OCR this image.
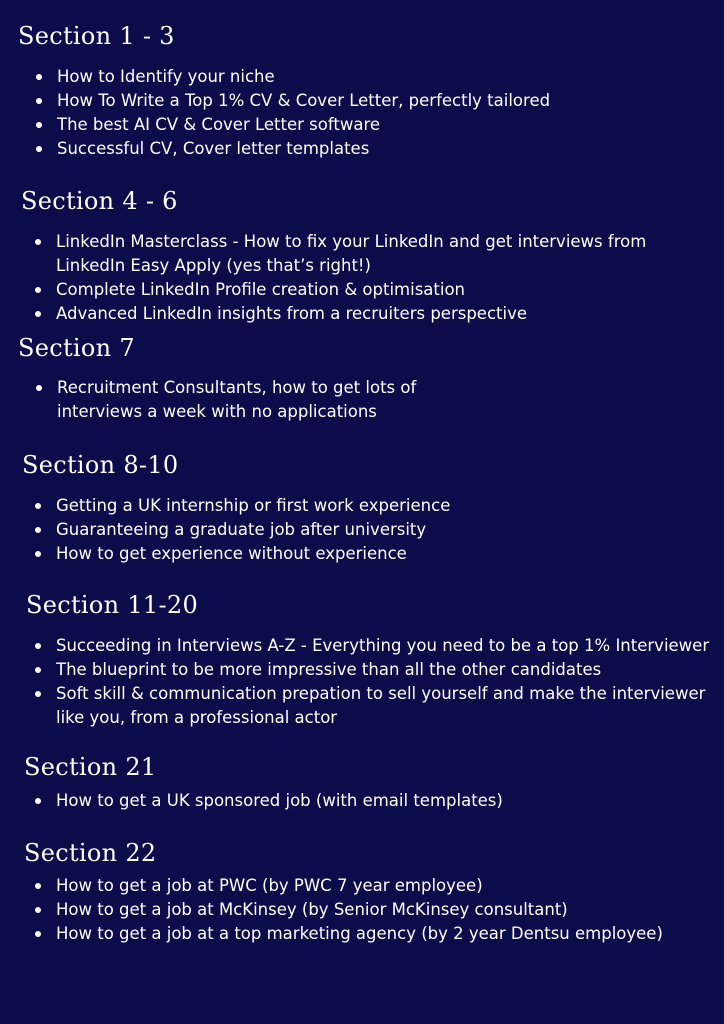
Section 1 - 3
How to Identify your niche
How To Write a Top 1% CV & Cover Letter, perfectly tailored
The best AI CV & Cover Letter software
Successful CV, Cover letter templates
Section 4 - 6
LinkedIn Masterclass - How to fix your LinkedIn and get interviews from
LinkedIn Easy Apply (yes that’s right!)
Complete LinkedIn Profile creation & optimisation
Advanced LinkedIn insights from a recruiters perspective
Section 7
Recruitment Consultants, how to get lots of
interviews a week with no applications
Section 8-10
Getting a UK internship or first work experience
Guaranteeing a graduate job after university
How to get experience without experience
Section 11-20
Succeeding in Interviews A-Z - Everything you need to be a top 1% Interviewer
The blueprint to be more impressive than all the other candidates
Soft skill & communication prepation to sell yourself and make the interviewer
like you, from a professional actor
Section 21
How to get a UK sponsored job (with email templates)
Section 22
How to get a job at PWC (by PWC 7 year employee)
How to get a job at McKinsey (by Senior McKinsey consultant)
How to get a job at a top marketing agency (by 2 year Dentsu employee)
